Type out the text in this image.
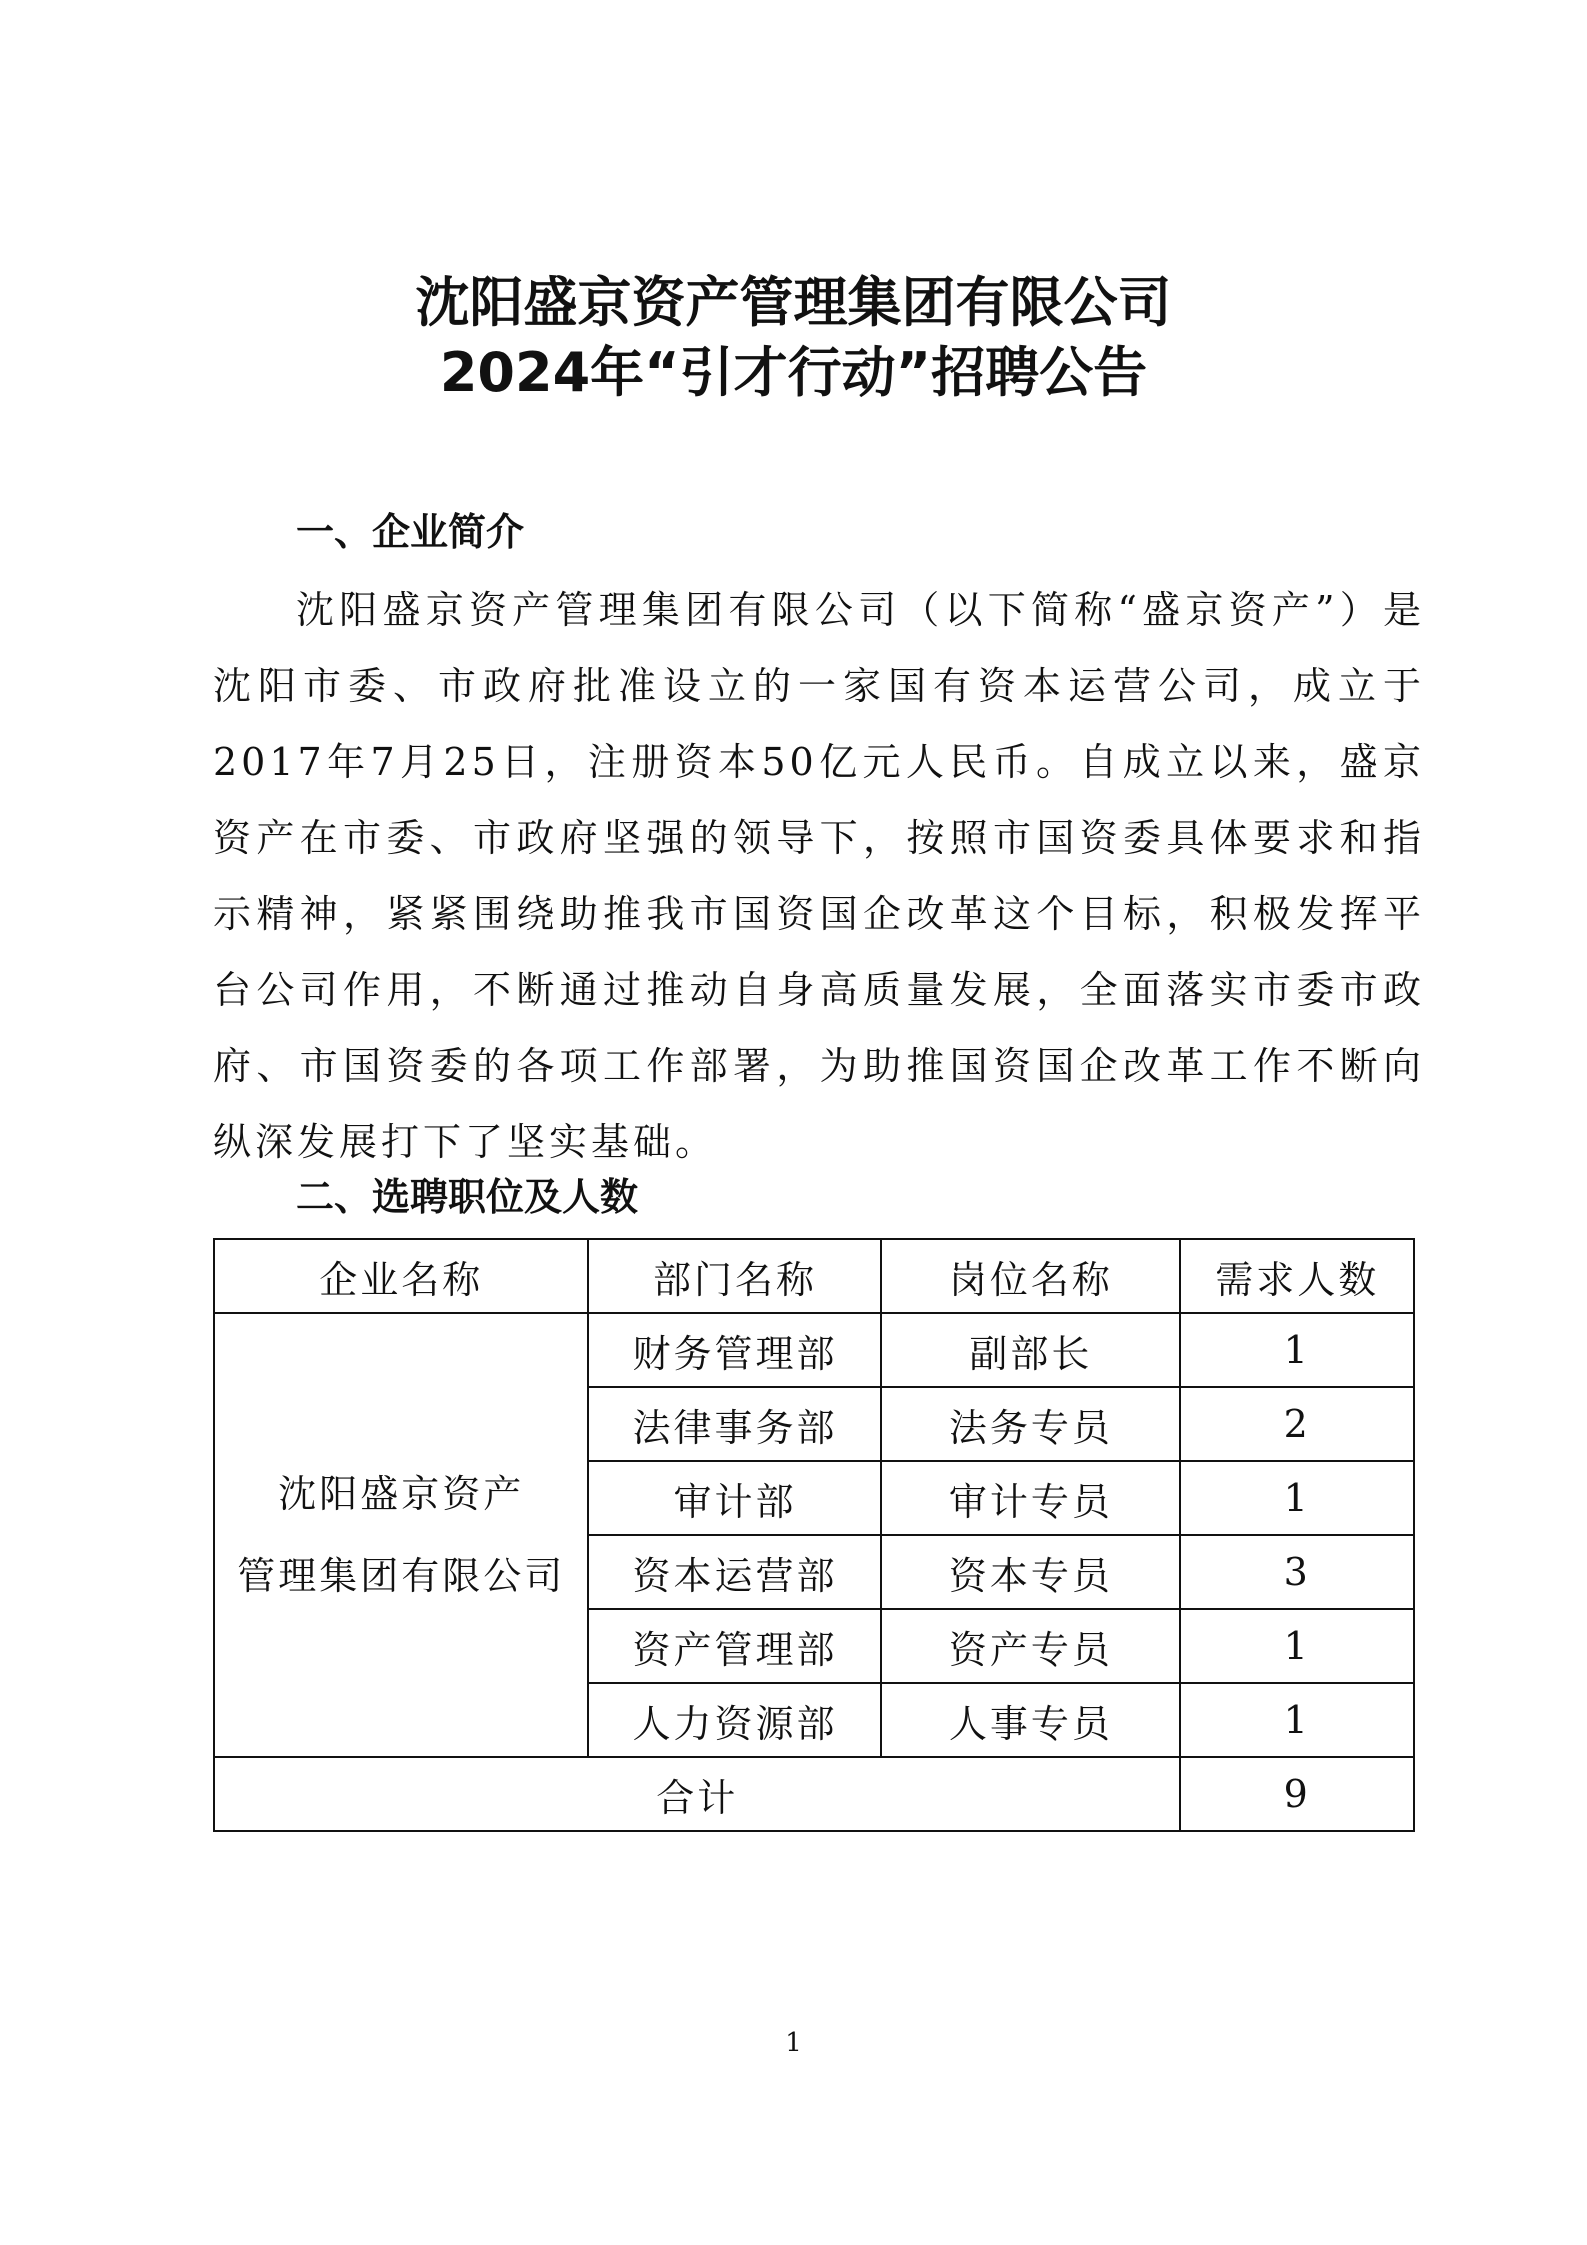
沈阳盛京资产管理集团有限公司
2024年“引才行动”招聘公告
一、企业简介

沈阳盛京资产管理集团有限公司（以下简称“盛京资产”）是沈阳市委、市政府批准设立的一家国有资本运营公司，成立于2017年7月25日，注册资本50亿元人民币。自成立以来，盛京资产在市委、市政府坚强的领导下，按照市国资委具体要求和指示精神，紧紧围绕助推我市国资国企改革这个目标，积极发挥平台公司作用，不断通过推动自身高质量发展，全面落实市委市政府、市国资委的各项工作部署，为助推国资国企改革工作不断向纵深发展打下了坚实基础。

二、选聘职位及人数
企业名称	部门名称	岗位名称	需求人数
沈阳盛京资产
管理集团有限公司	财务管理部	副部长	1
	法律事务部	法务专员	2
	审计部	审计专员	1
	资本运营部	资本专员	3
	资产管理部	资产专员	1
	人力资源部	人事专员	1
合计			9
1
